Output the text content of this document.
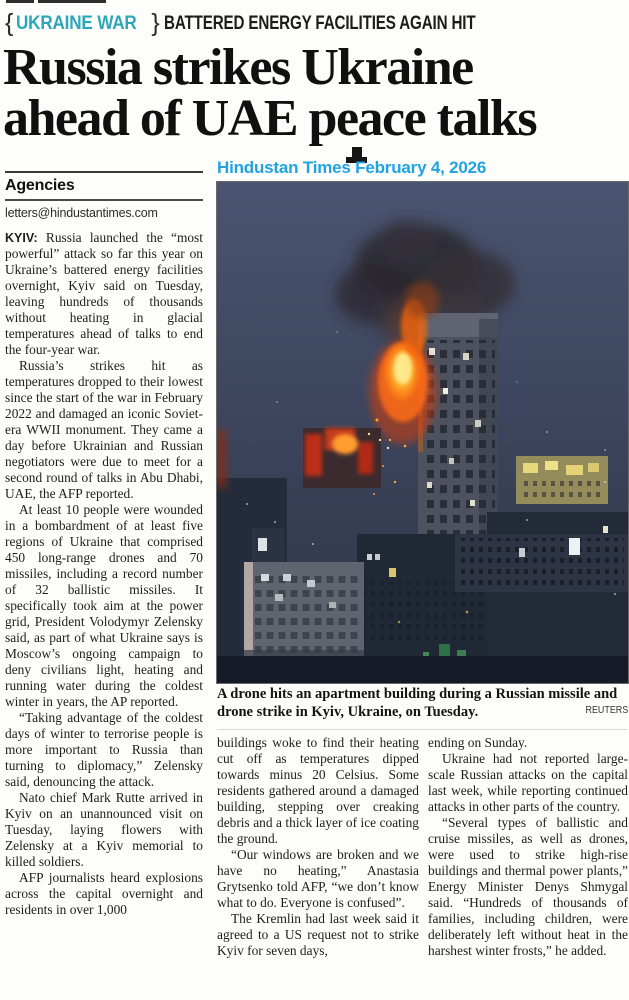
{ UKRAINE WAR } BATTERED ENERGY FACILITIES AGAIN HIT
Russia strikes Ukraine
ahead of UAE peace talks
Hindustan Times February 4, 2026
Agencies
letters@hindustantimes.com

KYIV: Russia launched the “most powerful” attack so far this year on Ukraine’s battered energy facilities overnight, Kyiv said on Tuesday, leaving hundreds of thousands without heating in glacial temperatures ahead of talks to end the four-year war.

Russia’s strikes hit as temperatures dropped to their lowest since the start of the war in February 2022 and damaged an iconic Soviet-era WWII monument. They came a day before Ukrainian and Russian negotiators were due to meet for a second round of talks in Abu Dhabi, UAE, the AFP reported.

At least 10 people were wounded in a bombardment of at least five regions of Ukraine that comprised 450 long-range drones and 70 missiles, including a record number of 32 ballistic missiles. It specifically took aim at the power grid, President Volodymyr Zelensky said, as part of what Ukraine says is Moscow’s ongoing campaign to deny civilians light, heating and running water during the coldest winter in years, the AP reported.

“Taking advantage of the coldest days of winter to terrorise people is more important to Russia than turning to diplomacy,” Zelensky said, denouncing the attack.

Nato chief Mark Rutte arrived in Kyiv on an unannounced visit on Tuesday, laying flowers with Zelensky at a Kyiv memorial to killed soldiers.

AFP journalists heard explosions across the capital overnight and residents in over 1,000

A drone hits an apartment building during a Russian missile and drone strike in Kyiv, Ukraine, on Tuesday.	REUTERS

buildings woke to find their heating cut off as temperatures dipped towards minus 20 Celsius. Some residents gathered around a damaged building, stepping over creaking debris and a thick layer of ice coating the ground.

“Our windows are broken and we have no heating,” Anastasia Grytsenko told AFP, “we don’t know what to do. Everyone is confused”.

The Kremlin had last week said it agreed to a US request not to strike Kyiv for seven days,

ending on Sunday.

Ukraine had not reported large-scale Russian attacks on the capital last week, while reporting continued attacks in other parts of the country.

“Several types of ballistic and cruise missiles, as well as drones, were used to strike high-rise buildings and thermal power plants,” Energy Minister Denys Shmygal said. “Hundreds of thousands of families, including children, were deliberately left without heat in the harshest winter frosts,” he added.
